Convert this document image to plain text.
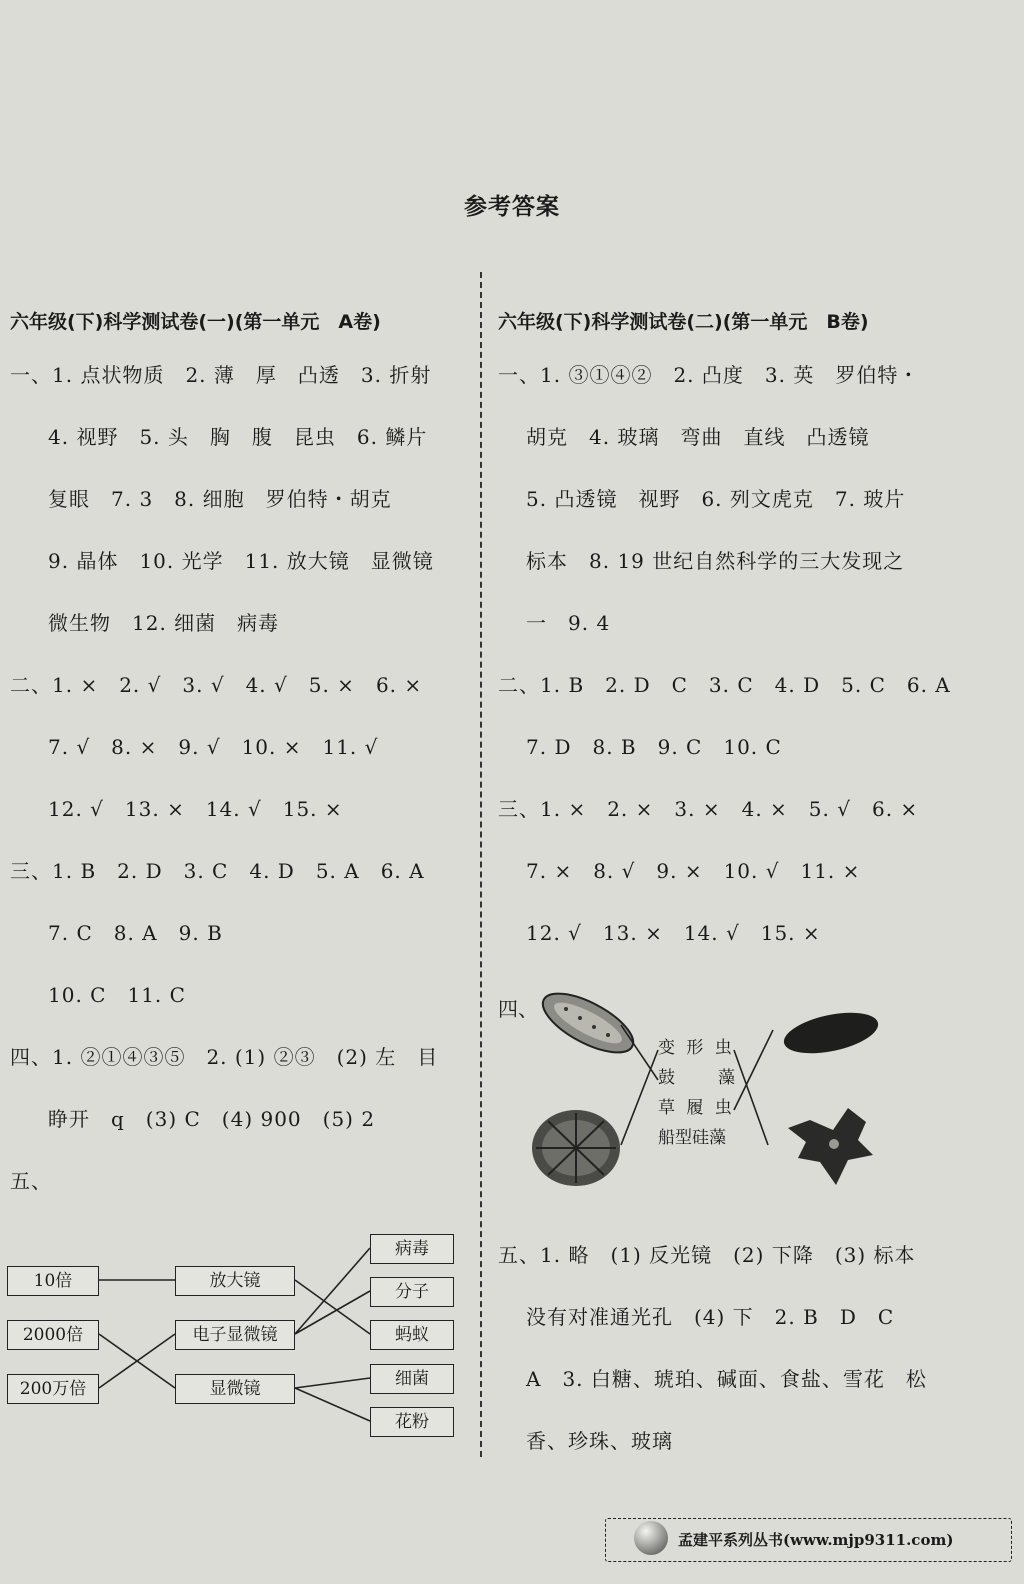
参考答案
六年级(下)科学测试卷(一)(第一单元　A卷)
一、1. 点状物质　2. 薄　厚　凸透　3. 折射
4. 视野　5. 头　胸　腹　昆虫　6. 鳞片
复眼　7. 3　8. 细胞　罗伯特・胡克
9. 晶体　10. 光学　11. 放大镜　显微镜
微生物　12. 细菌　病毒
二、1. ×　2. √　3. √　4. √　5. ×　6. ×
7. √　8. ×　9. √　10. ×　11. √
12. √　13. ×　14. √　15. ×
三、1. B　2. D　3. C　4. D　5. A　6. A
7. C　8. A　9. B
10. C　11. C
四、1. ②①④③⑤　2. (1) ②③　(2) 左　目
睁开　q　(3) C　(4) 900　(5) 2
五、
10倍
2000倍
200万倍
放大镜
电子显微镜
显微镜
病毒
分子
蚂蚁
细菌
花粉
六年级(下)科学测试卷(二)(第一单元　B卷)
一、1. ③①④②　2. 凸度　3. 英　罗伯特・
胡克　4. 玻璃　弯曲　直线　凸透镜
5. 凸透镜　视野　6. 列文虎克　7. 玻片
标本　8. 19 世纪自然科学的三大发现之
一　9. 4
二、1. B　2. D　C　3. C　4. D　5. C　6. A
7. D　8. B　9. C　10. C
三、1. ×　2. ×　3. ×　4. ×　5. √　6. ×
7. ×　8. √　9. ×　10. √　11. ×
12. √　13. ×　14. √　15. ×
四、
变 形 虫
鼓　　藻
草 履 虫
船型硅藻
五、1. 略　(1) 反光镜　(2) 下降　(3) 标本
没有对准通光孔　(4) 下　2. B　D　C
A　3. 白糖、琥珀、碱面、食盐、雪花　松
香、珍珠、玻璃
孟建平系列丛书(www.mjp9311.com)
